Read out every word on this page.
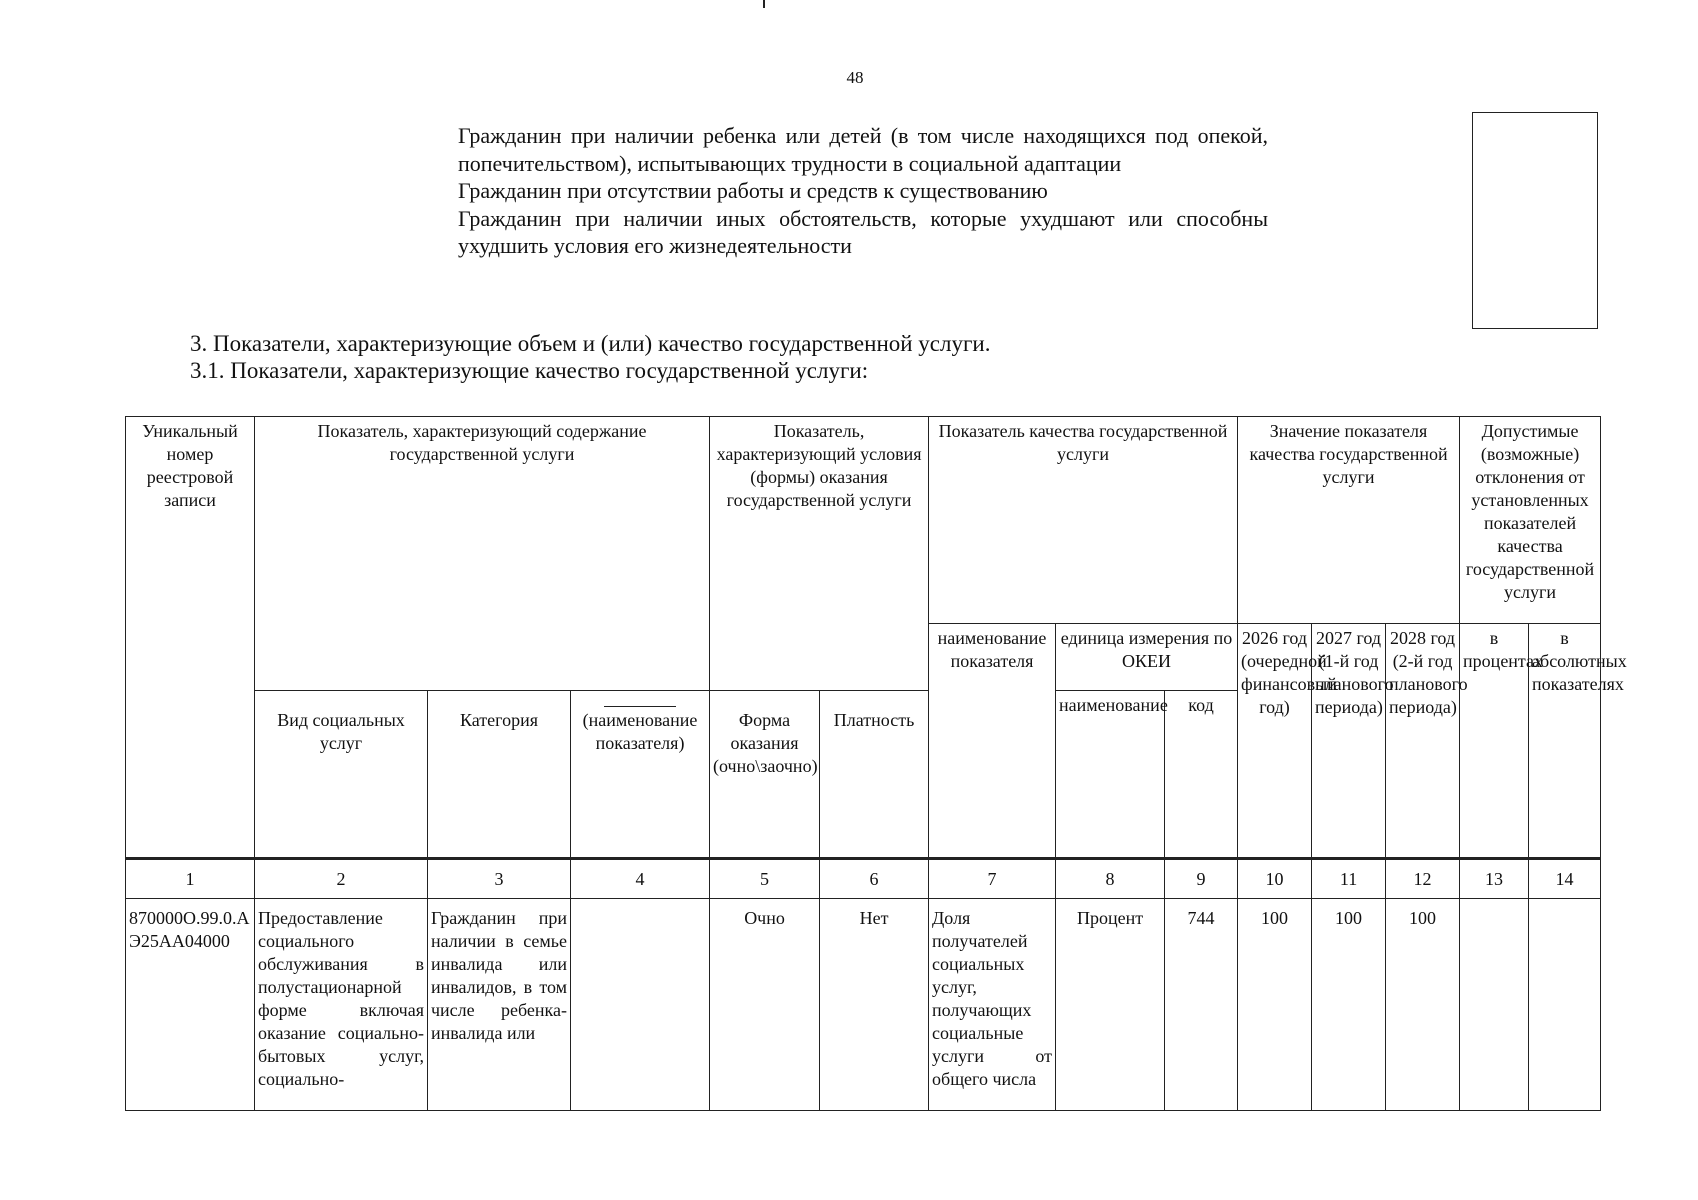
48

Гражданин при наличии ребенка или детей (в том числе находящихся под опекой, попечительством), испытывающих трудности в социальной адаптации

Гражданин при отсутствии работы и средств к существованию

Гражданин при наличии иных обстоятельств, которые ухудшают или способны ухудшить условия его жизнедеятельности

3. Показатели, характеризующие объем и (или) качество государственной услуги.
3.1. Показатели, характеризующие качество государственной услуги:
Уникальный номер реестровой записи	Показатель, характеризующий содержание государственной услуги			Показатель, характеризующий условия (формы) оказания государственной услуги		Показатель качества государственной услуги			Значение показателя качества государственной услуги			Допустимые (возможные) отклонения от установленных показателей качества государственной услуги	
						наименование показателя	единица измерения по ОКЕИ		2026 год (очередной финансовый год)	2027 год (1-й год планового периода)	2028 год (2-й год планового периода)	в процентах	в абсолютных показателях
	Вид социальных услуг	Категория	(наименование показателя)	Форма оказания (очно\заочно)	Платность		наименование	код					
1	2	3	4	5	6	7	8	9	10	11	12	13	14
870000О.99.0.АЭ25АА04000	Предоставление социального обслуживания в полустационарной форме включая оказание социально-бытовых услуг, социально-	Гражданин при наличии в семье инвалида или инвалидов, в том числе ребенка-инвалида или		Очно	Нет	Доля получателей социальных услуг, получающих социальные услуги от общего числа	Процент	744	100	100	100		
